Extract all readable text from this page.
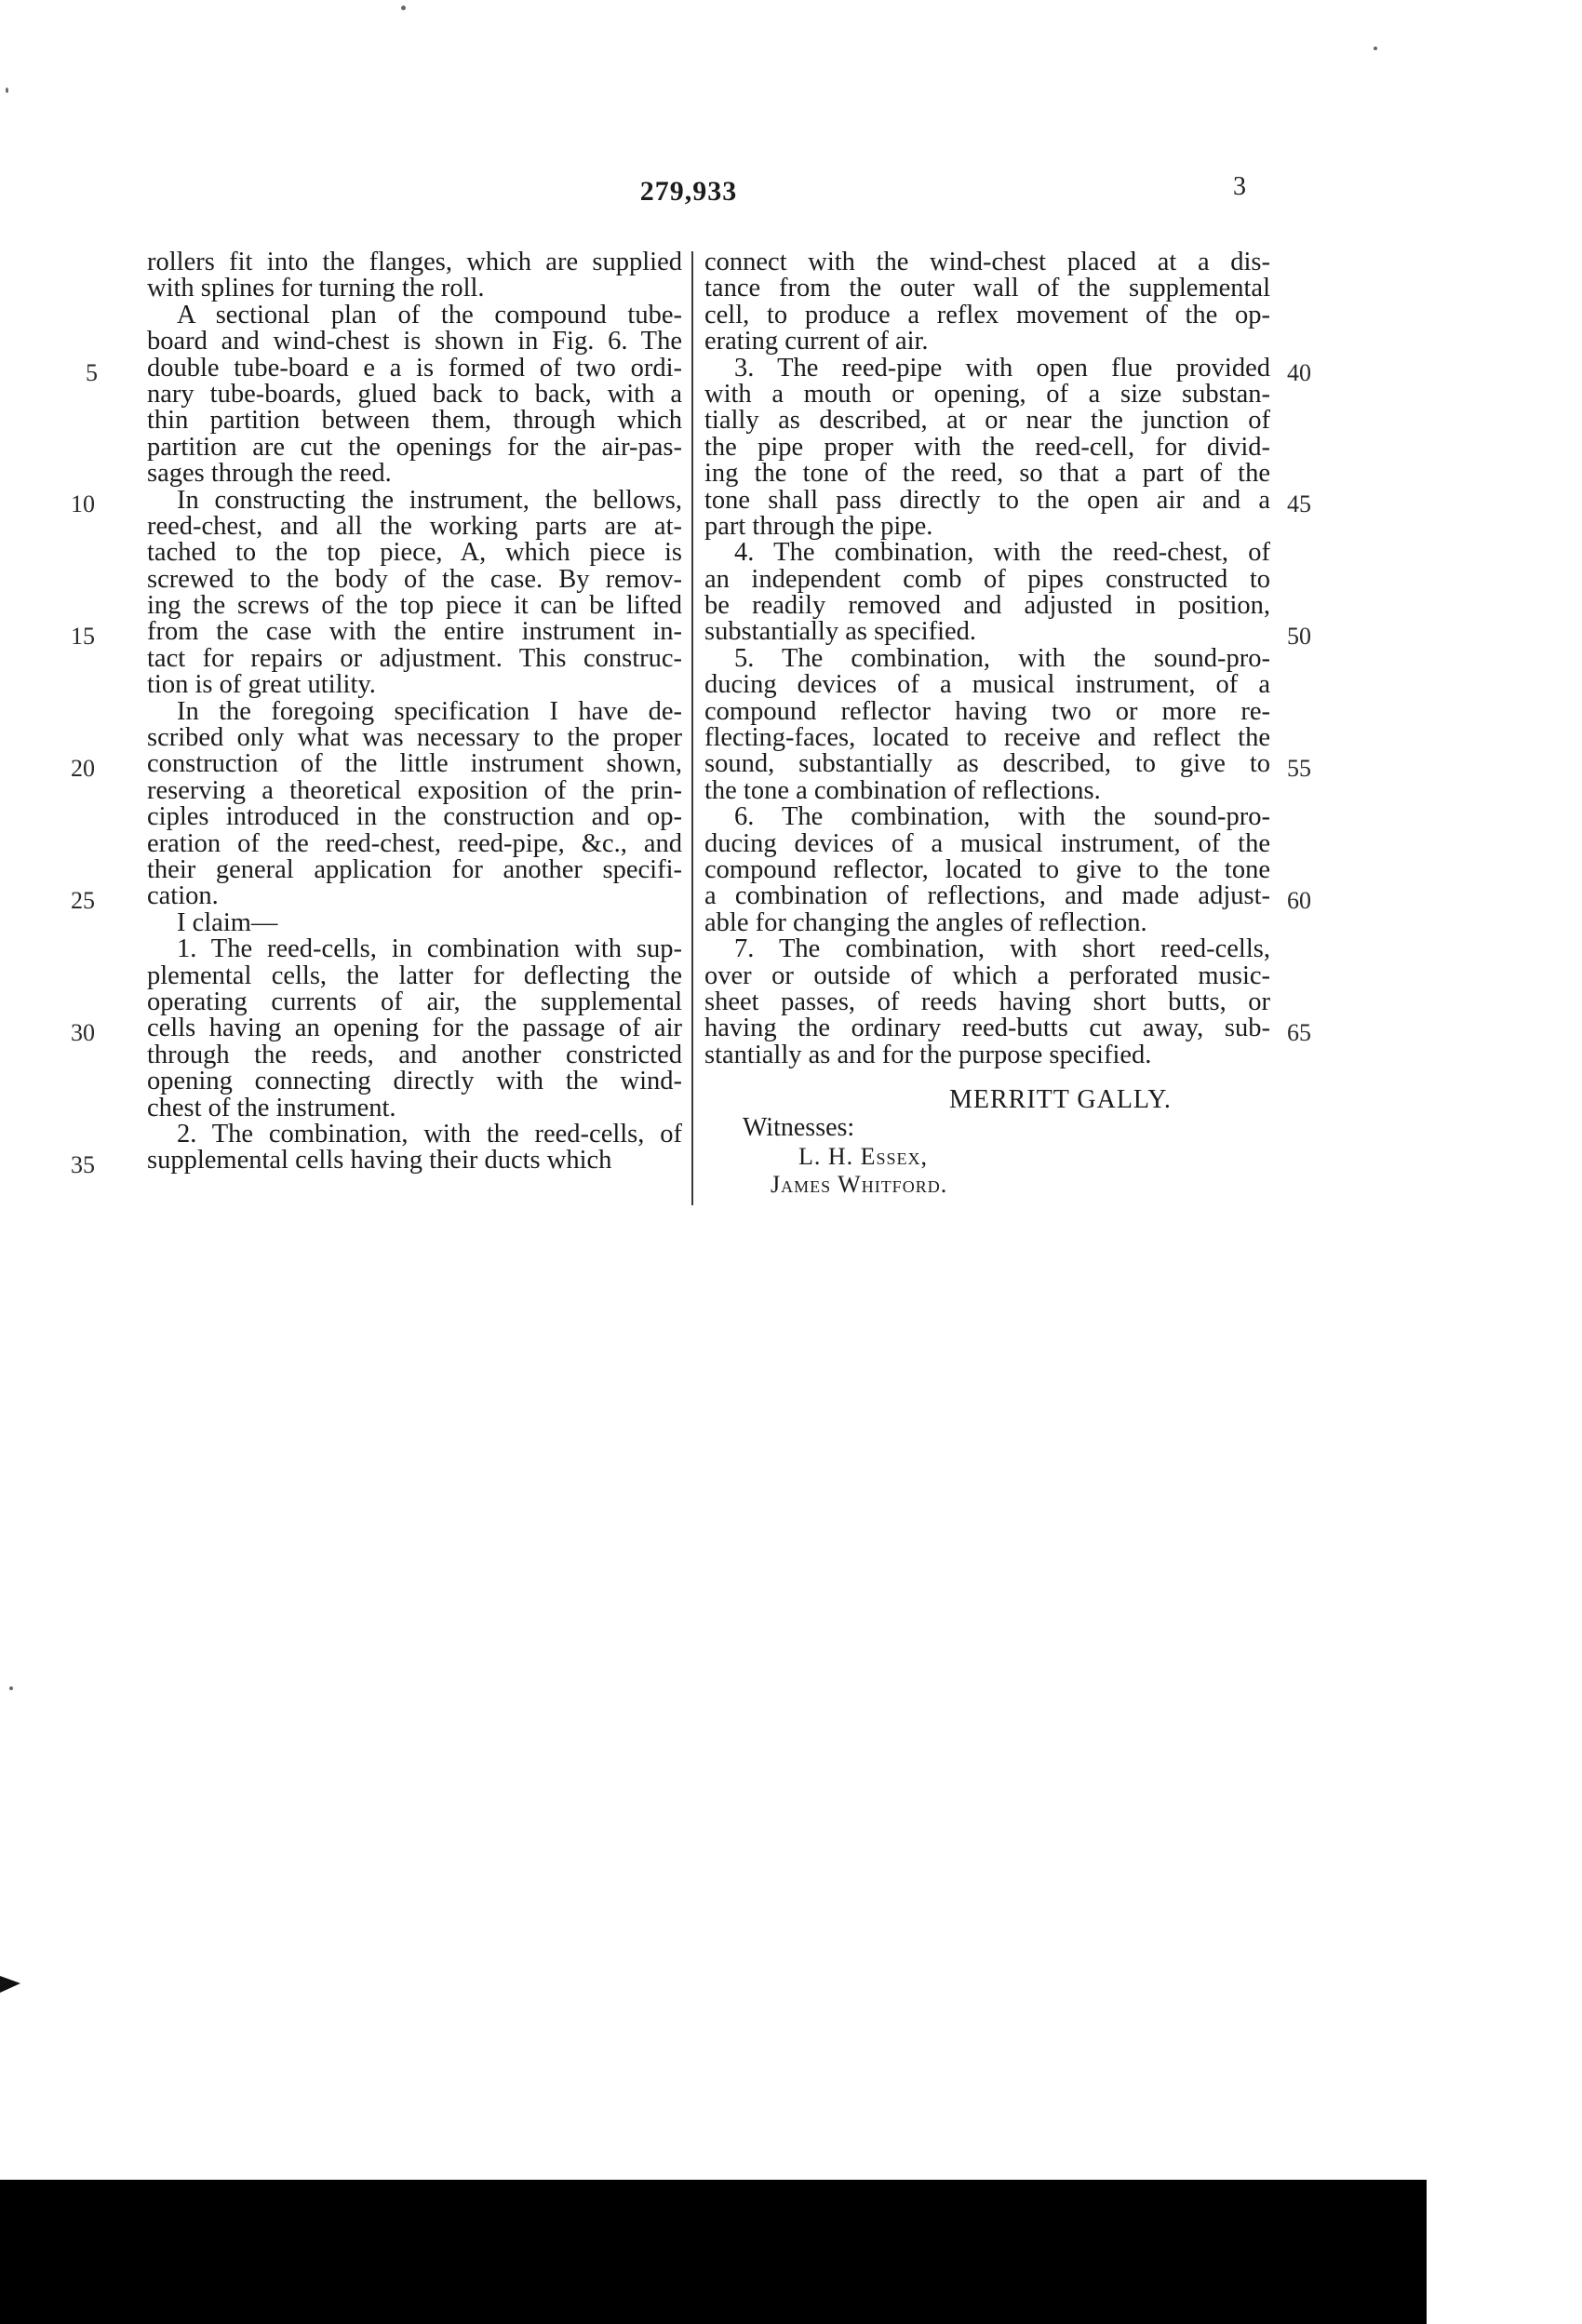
279,933	3
rollers fit into the flanges, which are supplied
with splines for turning the roll.
A sectional plan of the compound tube-
board and wind-chest is shown in Fig. 6. The
double tube-board e a is formed of two ordi-
nary tube-boards, glued back to back, with a
thin partition between them, through which
partition are cut the openings for the air-pas-
sages through the reed.
In constructing the instrument, the bellows,
reed-chest, and all the working parts are at-
tached to the top piece, A, which piece is
screwed to the body of the case. By remov-
ing the screws of the top piece it can be lifted
from the case with the entire instrument in-
tact for repairs or adjustment. This construc-
tion is of great utility.
In the foregoing specification I have de-
scribed only what was necessary to the proper
construction of the little instrument shown,
reserving a theoretical exposition of the prin-
ciples introduced in the construction and op-
eration of the reed-chest, reed-pipe, &c., and
their general application for another specifi-
cation.
I claim—
1. The reed-cells, in combination with sup-
plemental cells, the latter for deflecting the
operating currents of air, the supplemental
cells having an opening for the passage of air
through the reeds, and another constricted
opening connecting directly with the wind-
chest of the instrument.
2. The combination, with the reed-cells, of
supplemental cells having their ducts which
connect with the wind-chest placed at a dis-
tance from the outer wall of the supplemental
cell, to produce a reflex movement of the op-
erating current of air.
3. The reed-pipe with open flue provided
with a mouth or opening, of a size substan-
tially as described, at or near the junction of
the pipe proper with the reed-cell, for divid-
ing the tone of the reed, so that a part of the
tone shall pass directly to the open air and a
part through the pipe.
4. The combination, with the reed-chest, of
an independent comb of pipes constructed to
be readily removed and adjusted in position,
substantially as specified.
5. The combination, with the sound-pro-
ducing devices of a musical instrument, of a
compound reflector having two or more re-
flecting-faces, located to receive and reflect the
sound, substantially as described, to give to
the tone a combination of reflections.
6. The combination, with the sound-pro-
ducing devices of a musical instrument, of the
compound reflector, located to give to the tone
a combination of reflections, and made adjust-
able for changing the angles of reflection.
7. The combination, with short reed-cells,
over or outside of which a perforated music-
sheet passes, of reeds having short butts, or
having the ordinary reed-butts cut away, sub-
stantially as and for the purpose specified.
5
10
15
20
25
30
35
40
45
50
55
60
65
MERRITT GALLY.
Witnesses:
L. H. Essex,
James Whitford.
